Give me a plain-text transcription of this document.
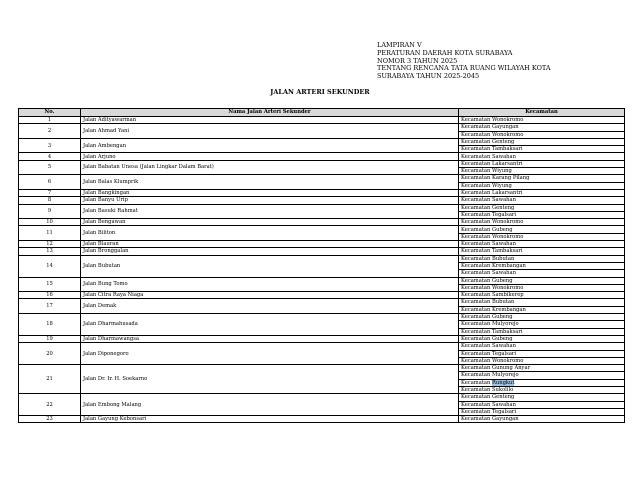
LAMPIRAN V
PERATURAN DAERAH KOTA SURABAYA
NOMOR 3 TAHUN 2025
TENTANG RENCANA TATA RUANG WILAYAH KOTA
SURABAYA TAHUN 2025-2045
JALAN ARTERI SEKUNDER
No.	Nama Jalan Arteri Sekunder	Kecamatan
1	Jalan Adityawarman	Kecamatan Wonokromo
2	Jalan Ahmad Yani	Kecamatan Gayungan
		Kecamatan Wonokromo
3	Jalan Ambengan	Kecamatan Genteng
		Kecamatan Tambaksari
4	Jalan Arjuno	Kecamatan Sawahan
5	Jalan Babatan Unesa (Jalan Lingkar Dalam Barat)	Kecamatan Lakarsantri
		Kecamatan Wiyung
6	Jalan Balas Klumprik	Kecamatan Karang Pilang
		Kecamatan Wiyung
7	Jalan Bangkingan	Kecamatan Lakarsantri
8	Jalan Banyu Urip	Kecamatan Sawahan
9	Jalan Basuki Rahmat	Kecamatan Genteng
		Kecamatan Tegalsari
10	Jalan Bengawan	Kecamatan Wonokromo
11	Jalan Biliton	Kecamatan Gubeng
		Kecamatan Wonokromo
12	Jalan Blauran	Kecamatan Sawahan
13	Jalan Bronggalan	Kecamatan Tambaksari
14	Jalan Bubutan	Kecamatan Bubutan
		Kecamatan Krembangan
		Kecamatan Sawahan
15	Jalan Bung Tomo	Kecamatan Gubeng
		Kecamatan Wonokromo
16	Jalan Citra Raya Niaga	Kecamatan Sambikerep
17	Jalan Demak	Kecamatan Bubutan
		Kecamatan Krembangan
18	Jalan Dharmahusada	Kecamatan Gubeng
		Kecamatan Mulyorejo
		Kecamatan Tambaksari
19	Jalan Dharmawangsa	Kecamatan Gubeng
20	Jalan Diponegoro	Kecamatan Sawahan
		Kecamatan Tegalsari
		Kecamatan Wonokromo
21	Jalan Dr. Ir. H. Soekarno	Kecamatan Gunung Anyar
		Kecamatan Mulyorejo
		Kecamatan Rungkut
		Kecamatan Sukolilo
22	Jalan Embong Malang	Kecamatan Genteng
		Kecamatan Sawahan
		Kecamatan Tegalsari
23	Jalan Gayung Kebonsari	Kecamatan Gayungan
